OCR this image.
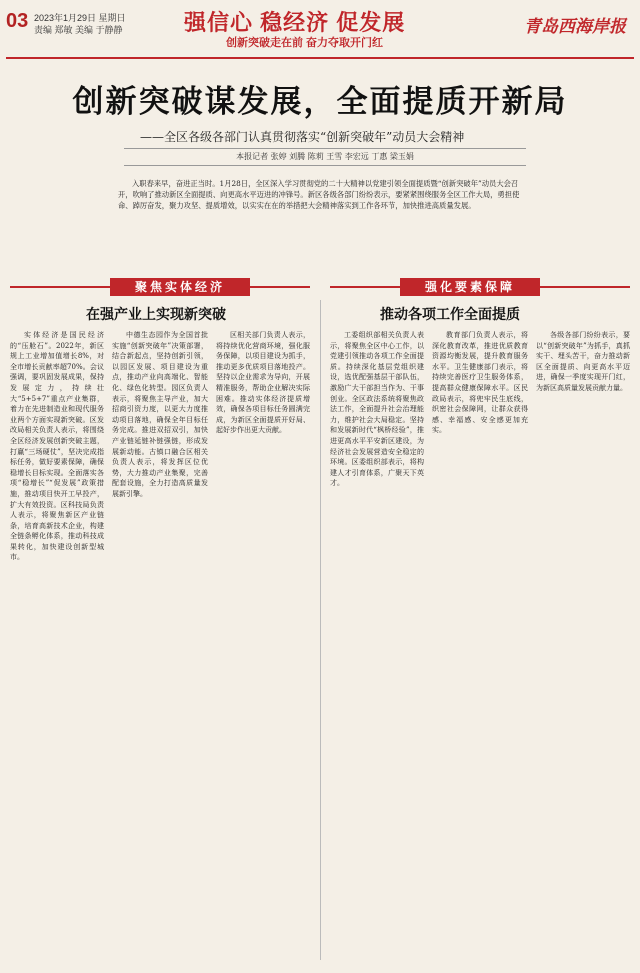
03 2023年1月29日 星期日
责编 郑敏 美编 于静静	强信心 稳经济 促发展
创新突破走在前 奋力夺取开门红
青岛西海岸报
创新突破谋发展，全面提质开新局
——全区各级各部门认真贯彻落实“创新突破年”动员大会精神
本报记者 张婷 刘腾 陈莉 王雪 李宏远 丁惠 梁玉娟
入职春来早，奋进正当时。1月28日，全区深入学习贯彻党的二十大精神以党建引领全面提质暨“创新突破年”动员大会召开，吹响了推动新区全面提质、向更高水平迈进的冲锋号。新区各级各部门纷纷表示，要紧紧围绕服务全区工作大局，勇担使命、踔厉奋发，聚力攻坚、提质增效，以实实在在的举措把大会精神落实到工作各环节，加快推进高质量发展。
聚焦实体经济
在强产业上实现新突破
强化要素保障
推动各项工作全面提质

实体经济是国民经济的“压舱石”。2022年，新区规上工业增加值增长8%，对全市增长贡献率超70%。会议强调，要巩固发展成果，保持发展定力，持续壮大“5+5+7”重点产业集群，着力在先进制造业和现代服务业两个方面实现新突破。区发改局相关负责人表示，将围绕全区经济发展创新突破主题，打赢“三场硬仗”，坚决完成指标任务，做好要素保障，确保稳增长目标实现。全面落实各项“稳增长”“促发展”政策措施，推动项目快开工早投产，扩大有效投资。区科技局负责人表示，将聚焦新区产业链条，培育高新技术企业，构建全链条孵化体系，推动科技成果转化，加快建设创新型城市。

中德生态园作为全国首批实施“创新突破年”决策部署，结合新起点，坚持创新引领，以园区发展、项目建设为重点，推动产业向高端化、智能化、绿色化转型。园区负责人表示，将聚焦主导产业，加大招商引资力度，以更大力度推动项目落地，确保全年目标任务完成。推进双招双引，加快产业链延链补链强链，形成发展新动能。古镇口融合区相关负责人表示，将发挥区位优势，大力推动产业集聚，完善配套设施，全力打造高质量发展新引擎。

区相关部门负责人表示，将持续优化营商环境，强化服务保障，以项目建设为抓手，推动更多优质项目落地投产。坚持以企业需求为导向，开展精准服务，帮助企业解决实际困难。推动实体经济提质增效，确保各项目标任务圆满完成，为新区全面提质开好局、起好步作出更大贡献。

工委组织部相关负责人表示，将聚焦全区中心工作，以党建引领推动各项工作全面提质。持续深化基层党组织建设，选优配强基层干部队伍，激励广大干部担当作为、干事创业。全区政法系统将聚焦政法工作，全面提升社会治理能力，维护社会大局稳定。坚持和发展新时代“枫桥经验”，推进更高水平平安新区建设，为经济社会发展营造安全稳定的环境。区委组织部表示，将构建人才引育体系，广聚天下英才。

教育部门负责人表示，将深化教育改革，推进优质教育资源均衡发展，提升教育服务水平。卫生健康部门表示，将持续完善医疗卫生服务体系，提高群众健康保障水平。区民政局表示，将兜牢民生底线，织密社会保障网，让群众获得感、幸福感、安全感更加充实。

各级各部门纷纷表示，要以“创新突破年”为抓手，真抓实干、埋头苦干，奋力推动新区全面提质、向更高水平迈进，确保一季度实现开门红，为新区高质量发展贡献力量。
